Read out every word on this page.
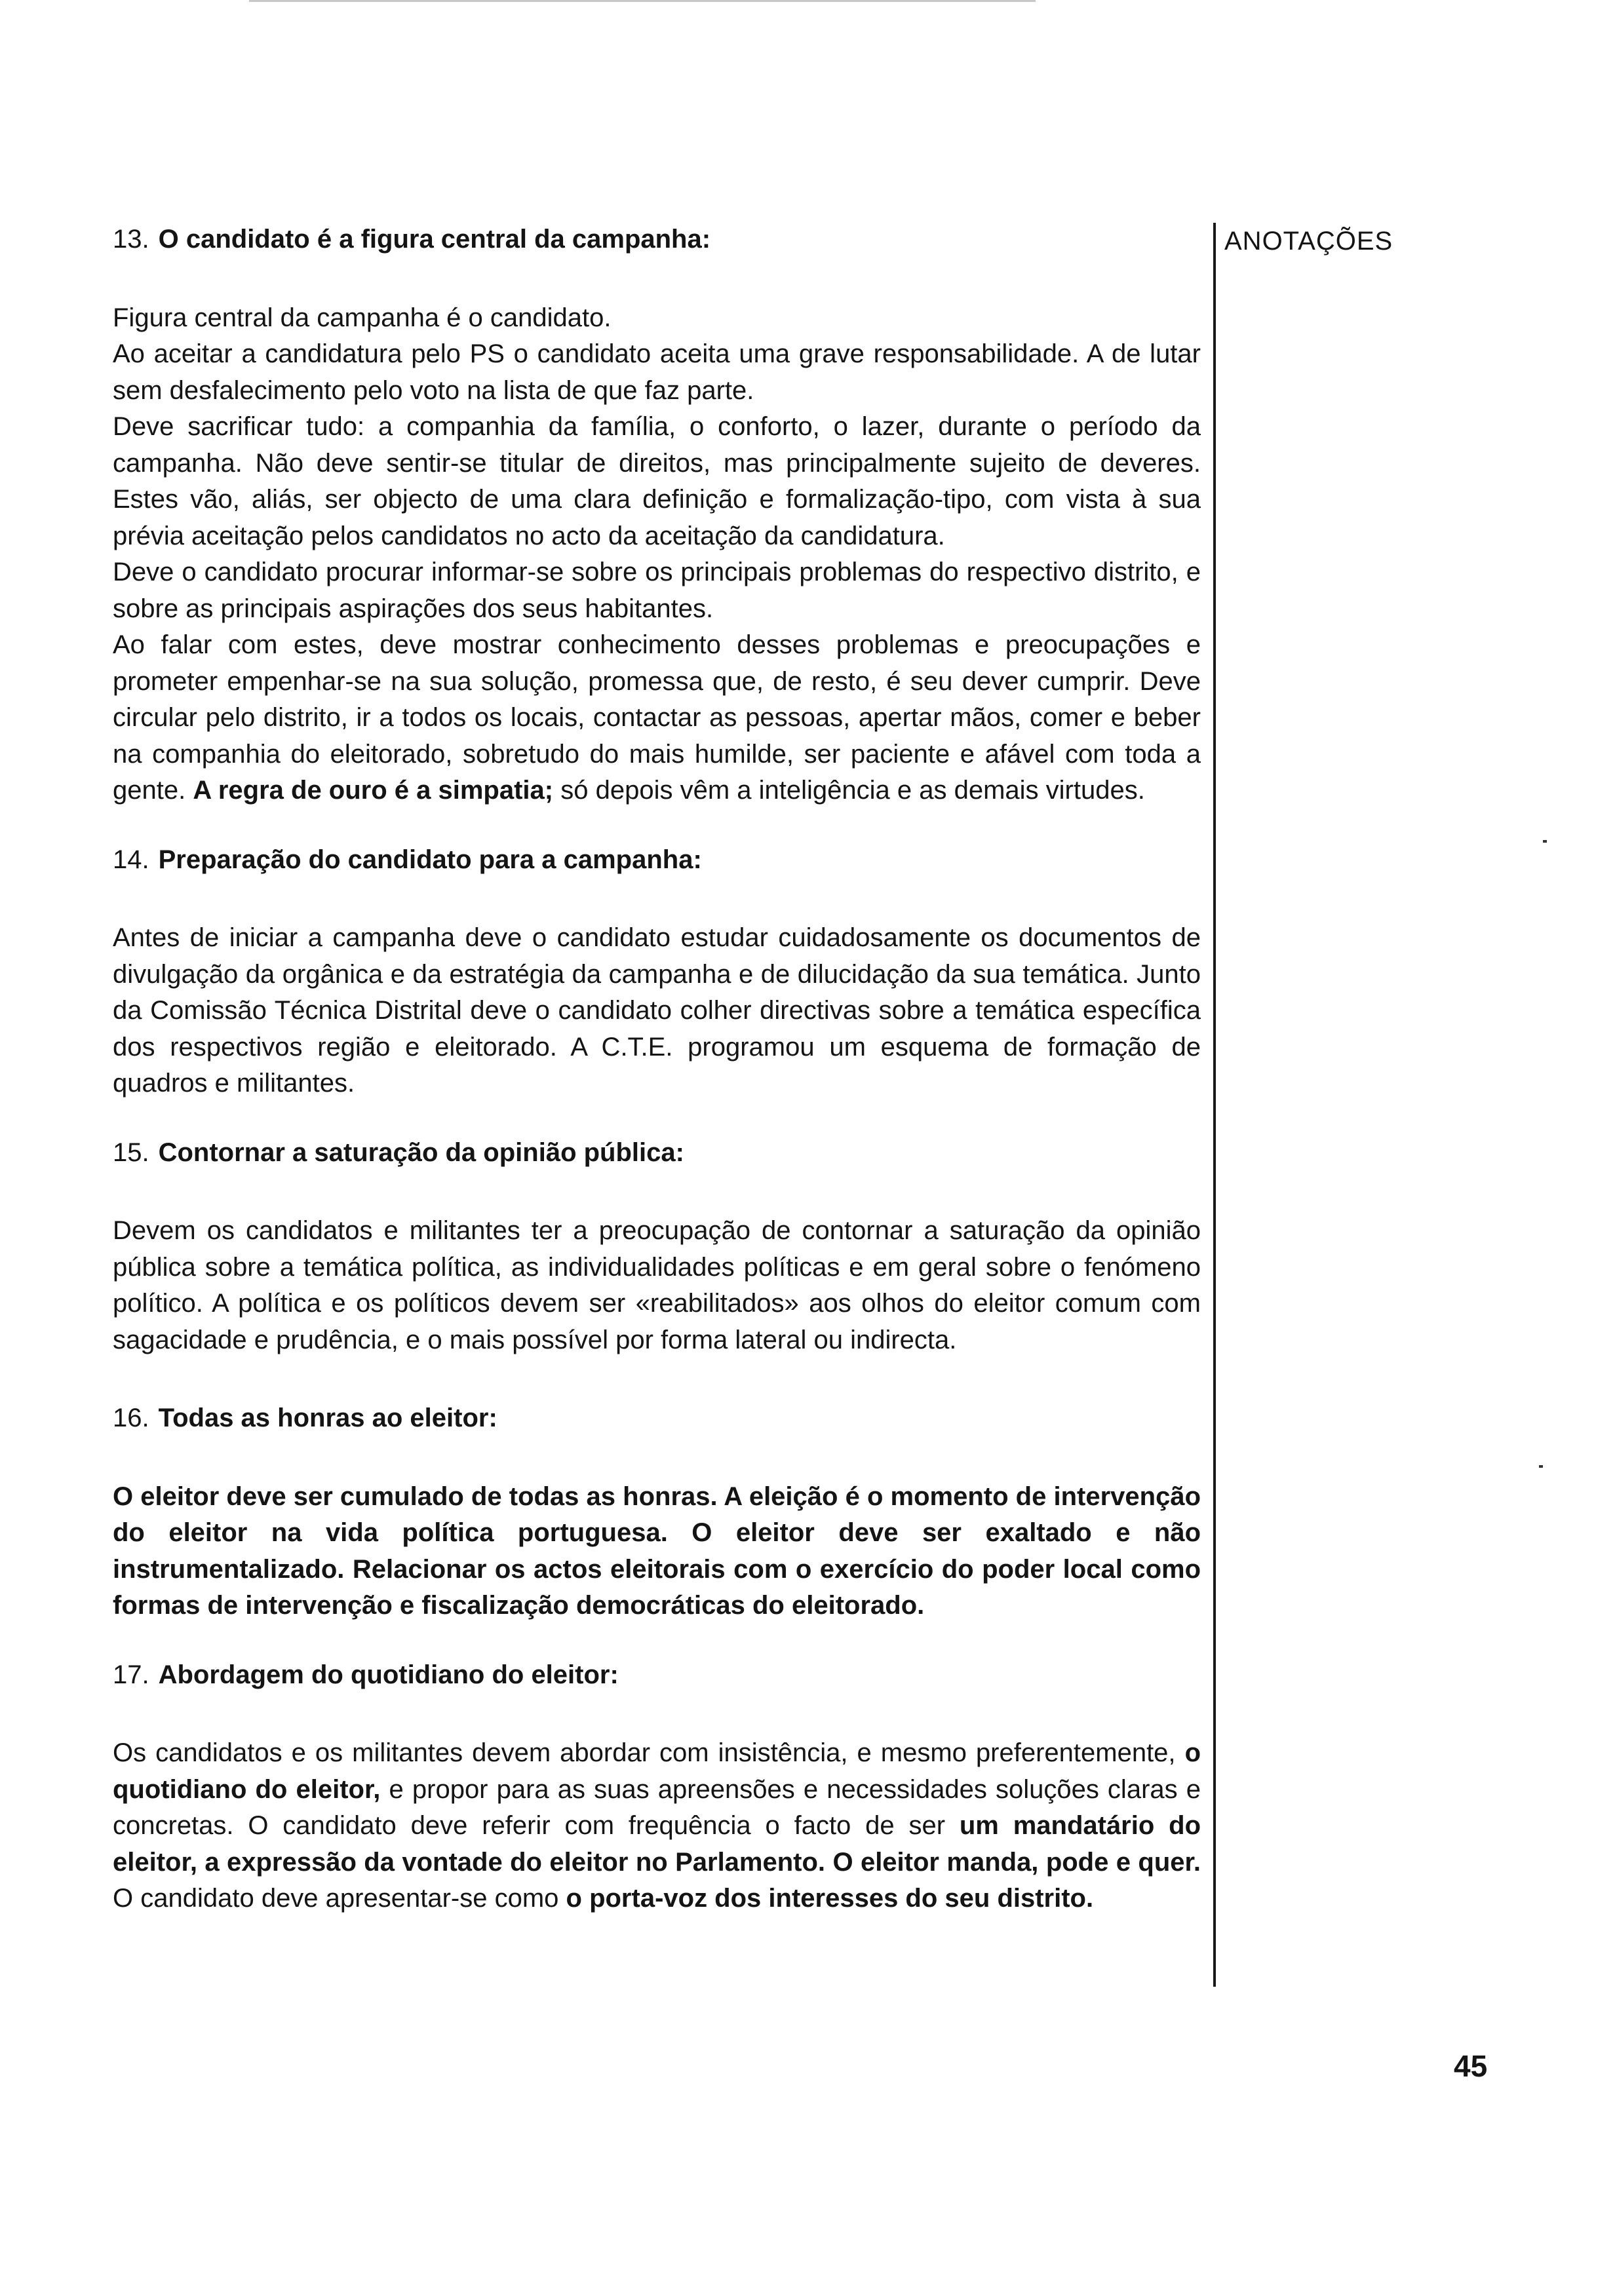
13. O candidato é a figura central da campanha:

Figura central da campanha é o candidato.

Ao aceitar a candidatura pelo PS o candidato aceita uma grave responsabilidade. A de lutar sem desfalecimento pelo voto na lista de que faz parte.

Deve sacrificar tudo: a companhia da família, o conforto, o lazer, durante o período da campanha. Não deve sentir-se titular de direitos, mas principalmente sujeito de deveres. Estes vão, aliás, ser objecto de uma clara definição e formalização-tipo, com vista à sua prévia aceitação pelos candidatos no acto da aceitação da candidatura.

Deve o candidato procurar informar-se sobre os principais problemas do respectivo distrito, e sobre as principais aspirações dos seus habitantes.

Ao falar com estes, deve mostrar conhecimento desses problemas e preocupações e prometer empenhar-se na sua solução, promessa que, de resto, é seu dever cumprir. Deve circular pelo distrito, ir a todos os locais, contactar as pessoas, apertar mãos, comer e beber na companhia do eleitorado, sobretudo do mais humilde, ser paciente e afável com toda a gente. A regra de ouro é a simpatia; só depois vêm a inteligência e as demais virtudes.

14. Preparação do candidato para a campanha:

Antes de iniciar a campanha deve o candidato estudar cuidadosamente os documentos de divulgação da orgânica e da estratégia da campanha e de dilucidação da sua temática. Junto da Comissão Técnica Distrital deve o candidato colher directivas sobre a temática específica dos respectivos região e eleitorado. A C.T.E. programou um esquema de formação de quadros e militantes.

15. Contornar a saturação da opinião pública:

Devem os candidatos e militantes ter a preocupação de contornar a saturação da opinião pública sobre a temática política, as individualidades políticas e em geral sobre o fenómeno político. A política e os políticos devem ser «reabilitados» aos olhos do eleitor comum com sagacidade e prudência, e o mais possível por forma lateral ou indirecta.

16. Todas as honras ao eleitor:

O eleitor deve ser cumulado de todas as honras. A eleição é o momento de intervenção do eleitor na vida política portuguesa. O eleitor deve ser exaltado e não instrumentalizado. Relacionar os actos eleitorais com o exercício do poder local como formas de intervenção e fiscalização democráticas do eleitorado.

17. Abordagem do quotidiano do eleitor:

Os candidatos e os militantes devem abordar com insistência, e mesmo preferentemente, o quotidiano do eleitor, e propor para as suas apreensões e necessidades soluções claras e concretas. O candidato deve referir com frequência o facto de ser um mandatário do eleitor, a expressão da vontade do eleitor no Parlamento. O eleitor manda, pode e quer. O candidato deve apresentar-se como o porta-voz dos interesses do seu distrito.

ANOTAÇÕES
45
